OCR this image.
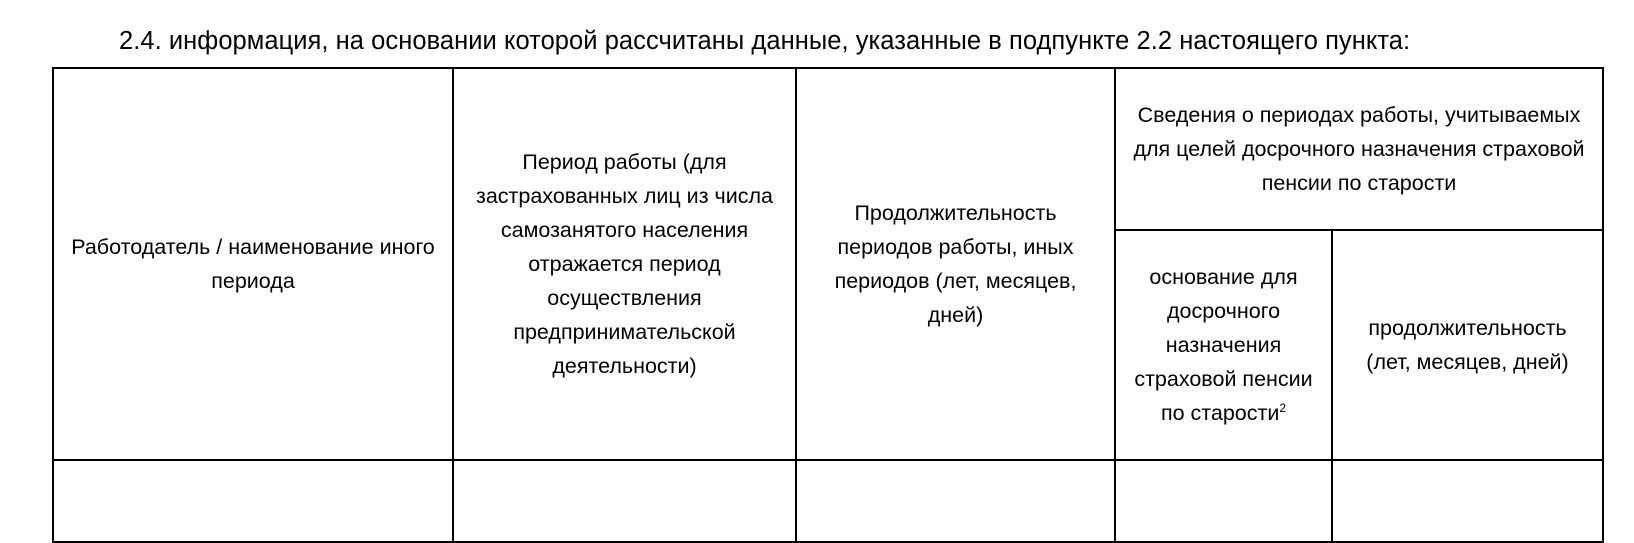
2.4. информация, на основании которой рассчитаны данные, указанные в подпункте 2.2 настоящего пункта:
Работодатель / наименование иного периода	Период работы (для застрахованных лиц из числа самозанятого населения отражается период осуществления предпринимательской деятельности)	Продолжительность периодов работы, иных периодов (лет, месяцев, дней)	Сведения о периодах работы, учитываемых для целей досрочного назначения страховой пенсии по старости	
			основание для досрочного назначения страховой пенсии по старости$^2$	продолжительность (лет, месяцев, дней)
